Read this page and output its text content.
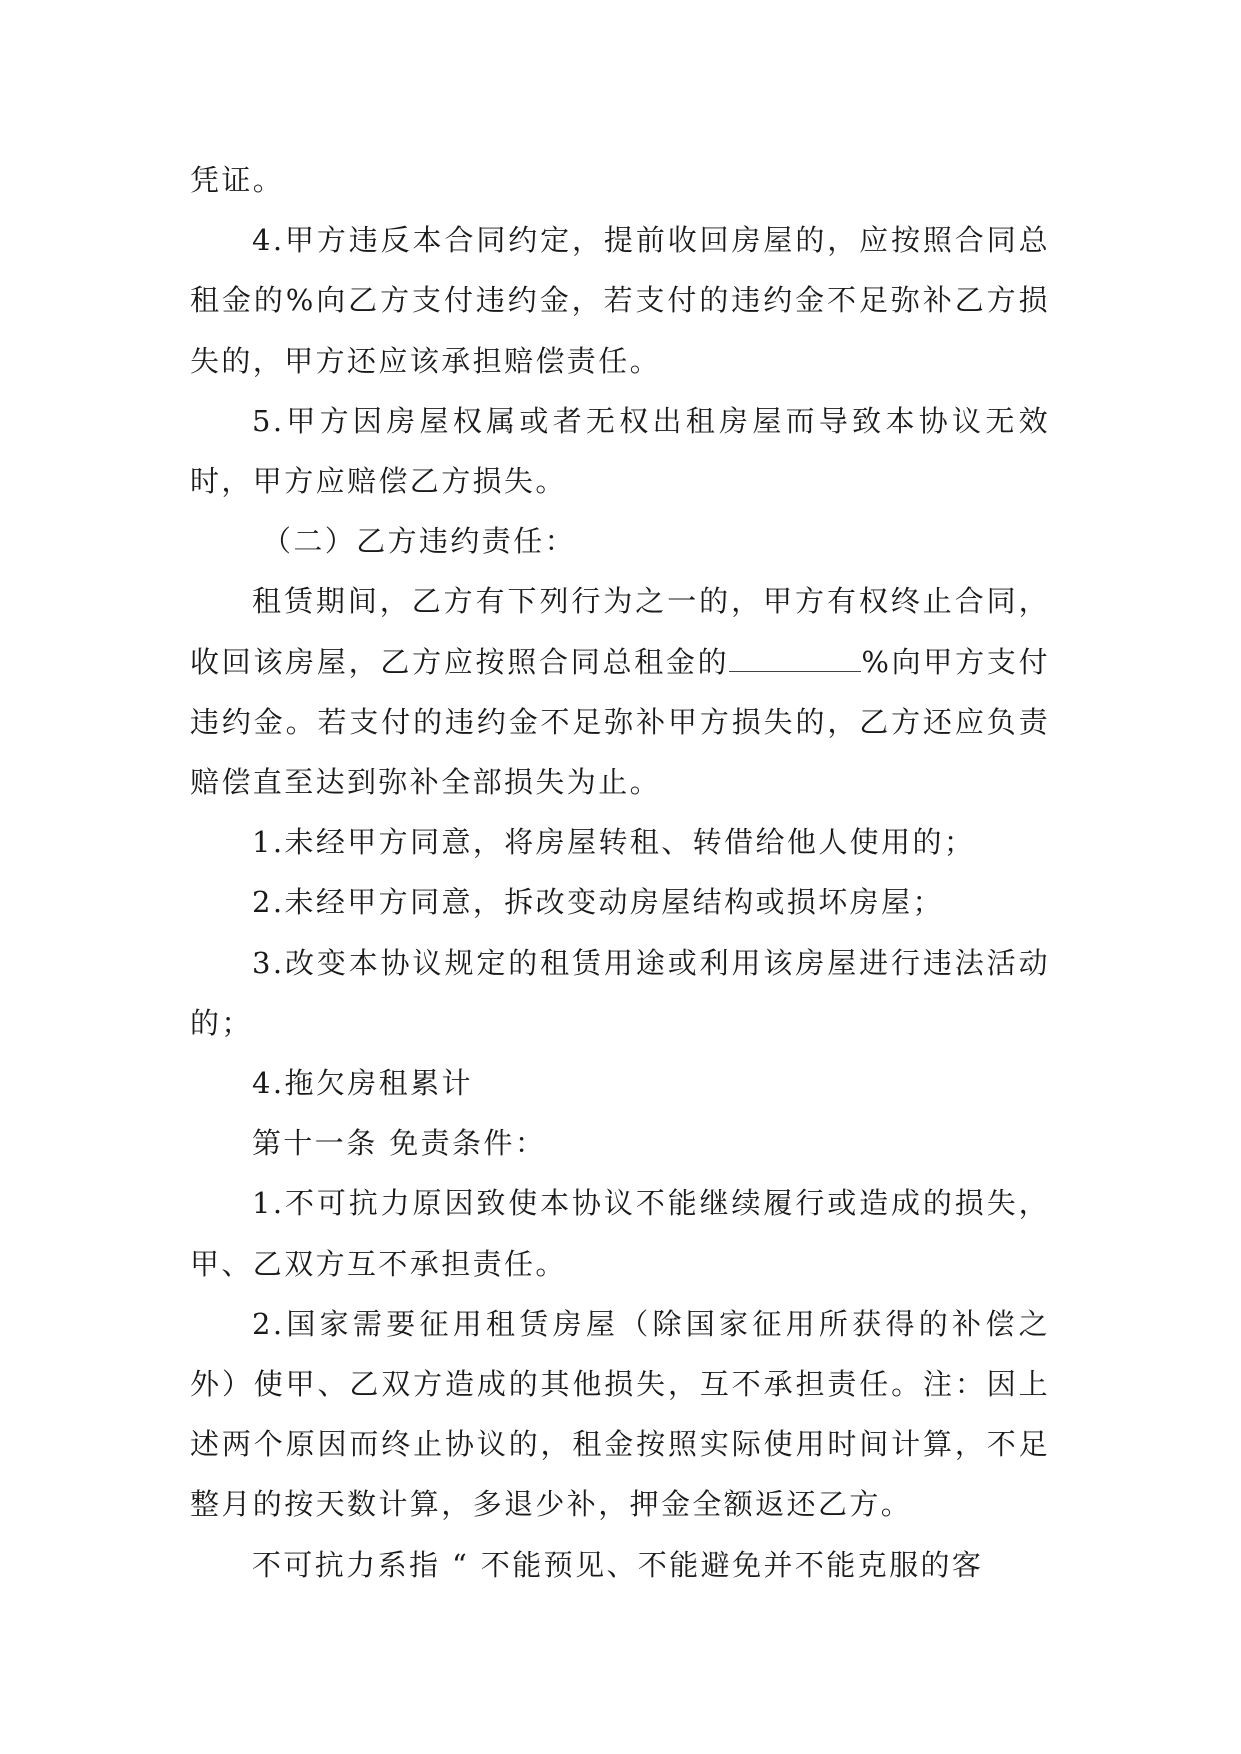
凭证。

4.甲方违反本合同约定，提前收回房屋的，应按照合同总租金的%向乙方支付违约金，若支付的违约金不足弥补乙方损失的，甲方还应该承担赔偿责任。

5.甲方因房屋权属或者无权出租房屋而导致本协议无效时，甲方应赔偿乙方损失。

（二）乙方违约责任：

租赁期间，乙方有下列行为之一的，甲方有权终止合同，收回该房屋，乙方应按照合同总租金的	%向甲方支付违约金。若支付的违约金不足弥补甲方损失的，乙方还应负责赔偿直至达到弥补全部损失为止。

1.未经甲方同意，将房屋转租、转借给他人使用的；

2.未经甲方同意，拆改变动房屋结构或损坏房屋；

3.改变本协议规定的租赁用途或利用该房屋进行违法活动的；

4.拖欠房租累计

第十一条 免责条件：

1.不可抗力原因致使本协议不能继续履行或造成的损失，甲、乙双方互不承担责任。

2.国家需要征用租赁房屋（除国家征用所获得的补偿之外）使甲、乙双方造成的其他损失，互不承担责任。注：因上述两个原因而终止协议的，租金按照实际使用时间计算，不足整月的按天数计算，多退少补，押金全额返还乙方。

不可抗力系指 “ 不能预见、不能避免并不能克服的客
